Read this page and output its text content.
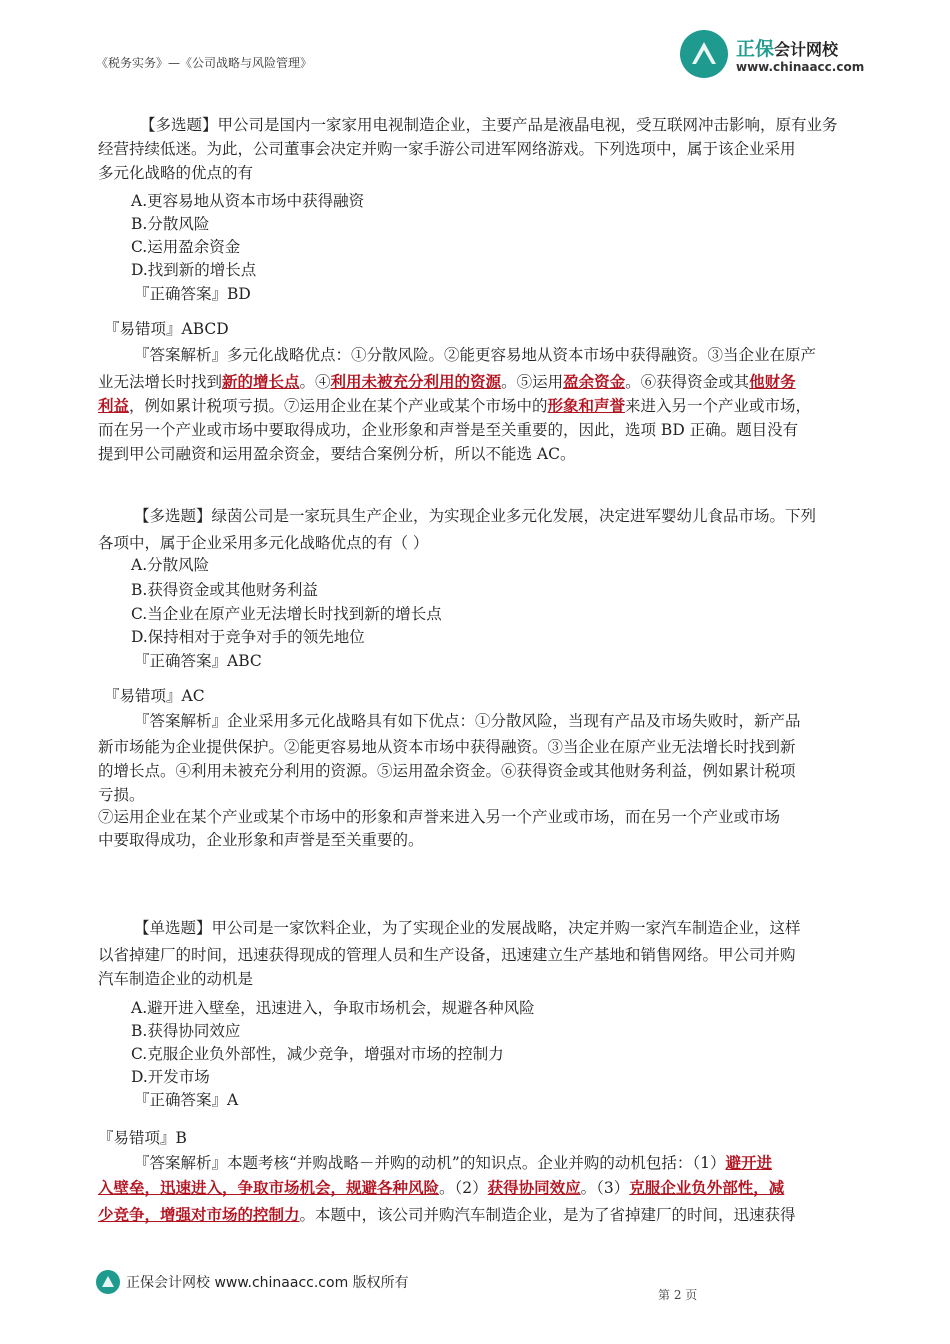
《税务实务》—《公司战略与风险管理》
正保会计网校
www.chinaacc.com
【多选题】甲公司是国内一家家用电视制造企业，主要产品是液晶电视，受互联网冲击影响，原有业务
经营持续低迷。为此，公司董事会决定并购一家手游公司进军网络游戏。下列选项中，属于该企业采用
多元化战略的优点的有
A.更容易地从资本市场中获得融资
B.分散风险
C.运用盈余资金
D.找到新的增长点
『正确答案』BD
『易错项』ABCD
『答案解析』多元化战略优点：①分散风险。②能更容易地从资本市场中获得融资。③当企业在原产
业无法增长时找到新的增长点。④利用未被充分利用的资源。⑤运用盈余资金。⑥获得资金或其他财务
利益，例如累计税项亏损。⑦运用企业在某个产业或某个市场中的形象和声誉来进入另一个产业或市场，
而在另一个产业或市场中要取得成功，企业形象和声誉是至关重要的，因此，选项 BD 正确。题目没有
提到甲公司融资和运用盈余资金，要结合案例分析，所以不能选 AC。
【多选题】绿茵公司是一家玩具生产企业，为实现企业多元化发展，决定进军婴幼儿食品市场。下列
各项中，属于企业采用多元化战略优点的有（ ）
A.分散风险
B.获得资金或其他财务利益
C.当企业在原产业无法增长时找到新的增长点
D.保持相对于竞争对手的领先地位
『正确答案』ABC
『易错项』AC
『答案解析』企业采用多元化战略具有如下优点：①分散风险，当现有产品及市场失败时，新产品
新市场能为企业提供保护。②能更容易地从资本市场中获得融资。③当企业在原产业无法增长时找到新
的增长点。④利用未被充分利用的资源。⑤运用盈余资金。⑥获得资金或其他财务利益，例如累计税项
亏损。
⑦运用企业在某个产业或某个市场中的形象和声誉来进入另一个产业或市场，而在另一个产业或市场
中要取得成功，企业形象和声誉是至关重要的。
【单选题】甲公司是一家饮料企业，为了实现企业的发展战略，决定并购一家汽车制造企业，这样
以省掉建厂的时间，迅速获得现成的管理人员和生产设备，迅速建立生产基地和销售网络。甲公司并购
汽车制造企业的动机是
A.避开进入壁垒，迅速进入，争取市场机会，规避各种风险
B.获得协同效应
C.克服企业负外部性，减少竞争，增强对市场的控制力
D.开发市场
『正确答案』A
『易错项』B
『答案解析』本题考核“并购战略－并购的动机”的知识点。企业并购的动机包括：（1）避开进
入壁垒，迅速进入，争取市场机会，规避各种风险。（2）获得协同效应。（3）克服企业负外部性，减
少竞争，增强对市场的控制力。本题中，该公司并购汽车制造企业，是为了省掉建厂的时间，迅速获得
正保会计网校 www.chinaacc.com 版权所有
第 2 页
